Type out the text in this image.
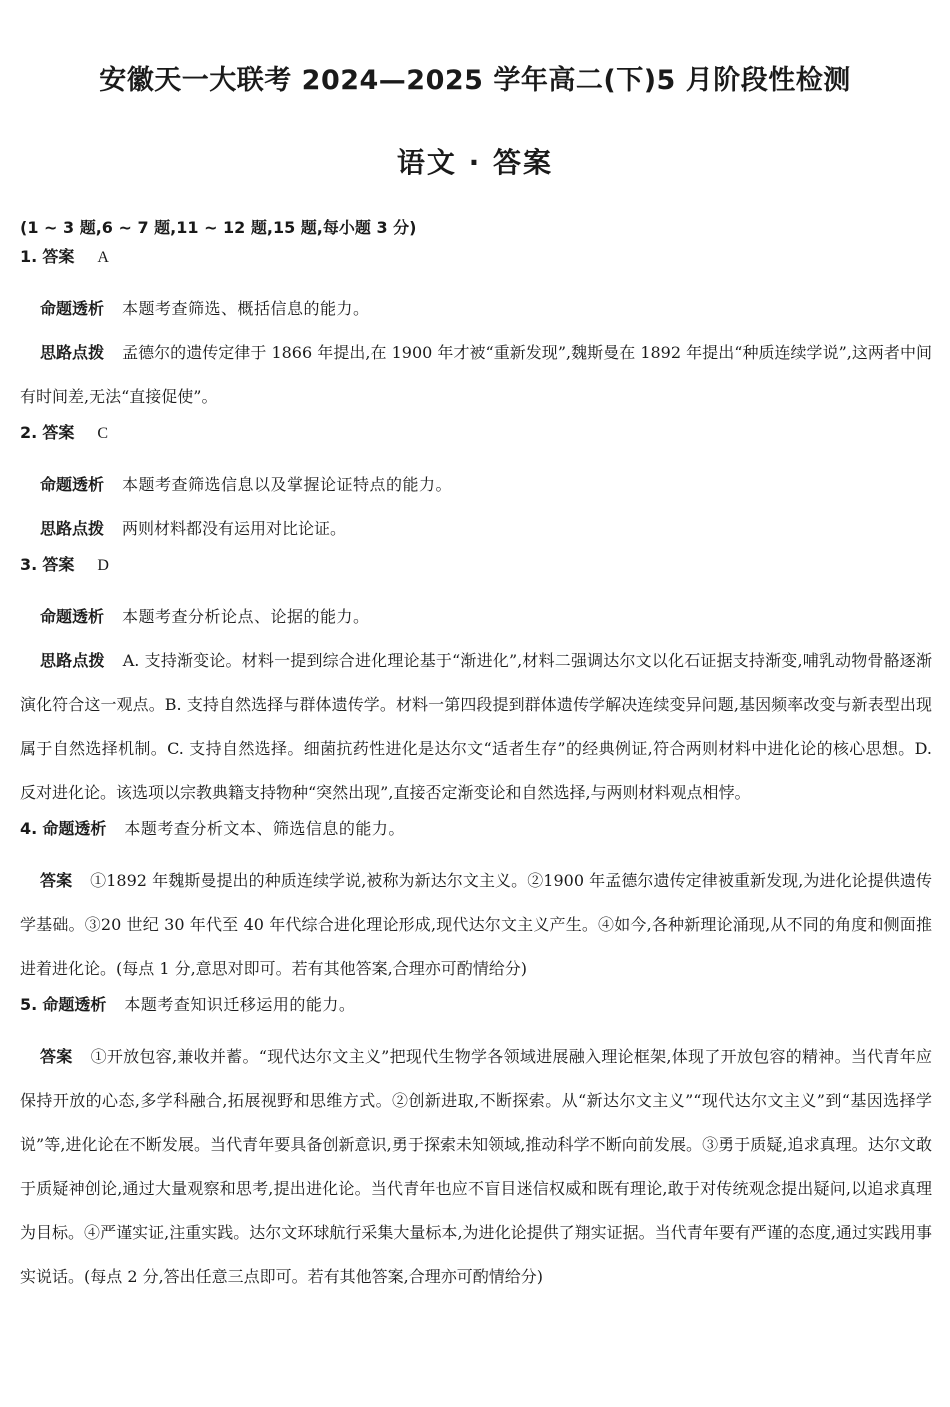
安徽天一大联考 2024—2025 学年高二(下)5 月阶段性检测
语文 · 答案
(1 ~ 3 题,6 ~ 7 题,11 ~ 12 题,15 题,每小题 3 分)
1. 答案 A
命题透析 本题考查筛选、概括信息的能力。
思路点拨 孟德尔的遗传定律于 1866 年提出,在 1900 年才被“重新发现”,魏斯曼在 1892 年提出“种质连续学说”,这两者中间有时间差,无法“直接促使”。
2. 答案 C
命题透析 本题考查筛选信息以及掌握论证特点的能力。
思路点拨 两则材料都没有运用对比论证。
3. 答案 D
命题透析 本题考查分析论点、论据的能力。
思路点拨 A. 支持渐变论。材料一提到综合进化理论基于“渐进化”,材料二强调达尔文以化石证据支持渐变,哺乳动物骨骼逐渐演化符合这一观点。B. 支持自然选择与群体遗传学。材料一第四段提到群体遗传学解决连续变异问题,基因频率改变与新表型出现属于自然选择机制。C. 支持自然选择。细菌抗药性进化是达尔文“适者生存”的经典例证,符合两则材料中进化论的核心思想。D. 反对进化论。该选项以宗教典籍支持物种“突然出现”,直接否定渐变论和自然选择,与两则材料观点相悖。
4. 命题透析 本题考查分析文本、筛选信息的能力。
答案 ①1892 年魏斯曼提出的种质连续学说,被称为新达尔文主义。②1900 年孟德尔遗传定律被重新发现,为进化论提供遗传学基础。③20 世纪 30 年代至 40 年代综合进化理论形成,现代达尔文主义产生。④如今,各种新理论涌现,从不同的角度和侧面推进着进化论。(每点 1 分,意思对即可。若有其他答案,合理亦可酌情给分)
5. 命题透析 本题考查知识迁移运用的能力。
答案 ①开放包容,兼收并蓄。“现代达尔文主义”把现代生物学各领域进展融入理论框架,体现了开放包容的精神。当代青年应保持开放的心态,多学科融合,拓展视野和思维方式。②创新进取,不断探索。从“新达尔文主义”“现代达尔文主义”到“基因选择学说”等,进化论在不断发展。当代青年要具备创新意识,勇于探索未知领域,推动科学不断向前发展。③勇于质疑,追求真理。达尔文敢于质疑神创论,通过大量观察和思考,提出进化论。当代青年也应不盲目迷信权威和既有理论,敢于对传统观念提出疑问,以追求真理为目标。④严谨实证,注重实践。达尔文环球航行采集大量标本,为进化论提供了翔实证据。当代青年要有严谨的态度,通过实践用事实说话。(每点 2 分,答出任意三点即可。若有其他答案,合理亦可酌情给分)
